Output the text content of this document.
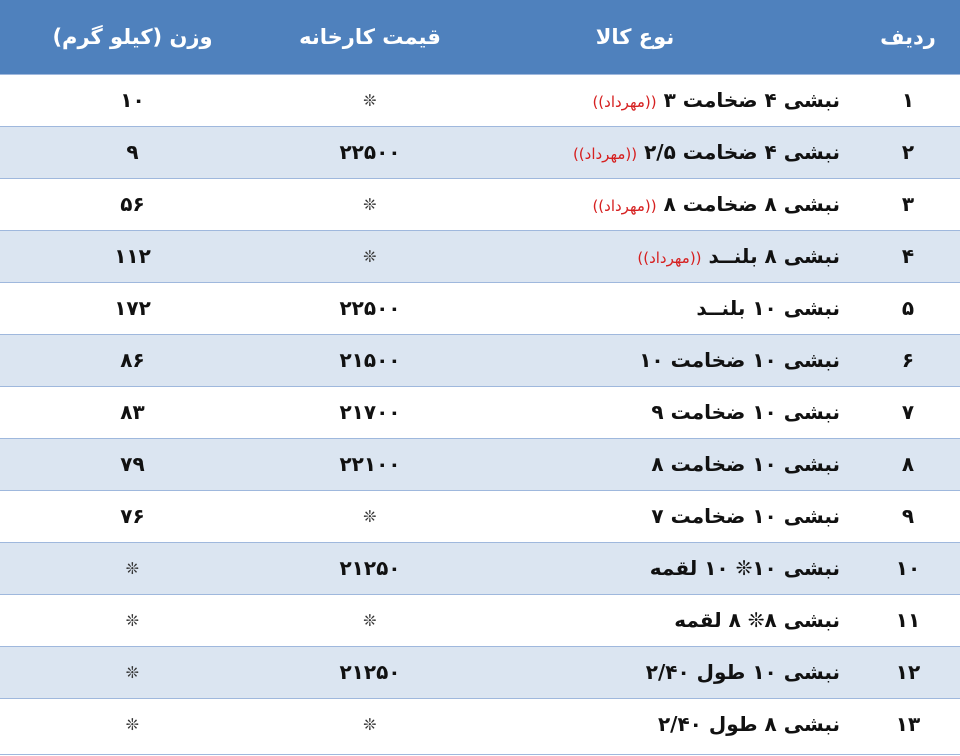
ردیف
نوع کالا
قیمت کارخانه
وزن (کیلو گرم)
۱
نبشی ۴ ضخامت ۳ ((مهرداد))
❊
۱۰
۲
نبشی ۴ ضخامت ۲/۵ ((مهرداد))
۲۲۵۰۰
۹
۳
نبشی ۸ ضخامت ۸ ((مهرداد))
❊
۵۶
۴
نبشی ۸ بلنــد ((مهرداد))
❊
۱۱۲
۵
نبشی ۱۰ بلنــد
۲۲۵۰۰
۱۷۲
۶
نبشی ۱۰ ضخامت ۱۰
۲۱۵۰۰
۸۶
۷
نبشی ۱۰ ضخامت ۹
۲۱۷۰۰
۸۳
۸
نبشی ۱۰ ضخامت ۸
۲۲۱۰۰
۷۹
۹
نبشی ۱۰ ضخامت ۷
❊
۷۶
۱۰
نبشی ۱۰❊ ۱۰ لقمه
۲۱۲۵۰
❊
۱۱
نبشی ۸❊ ۸ لقمه
❊
❊
۱۲
نبشی ۱۰ طول ۲/۴۰
۲۱۲۵۰
❊
۱۳
نبشی ۸ طول ۲/۴۰
❊
❊
